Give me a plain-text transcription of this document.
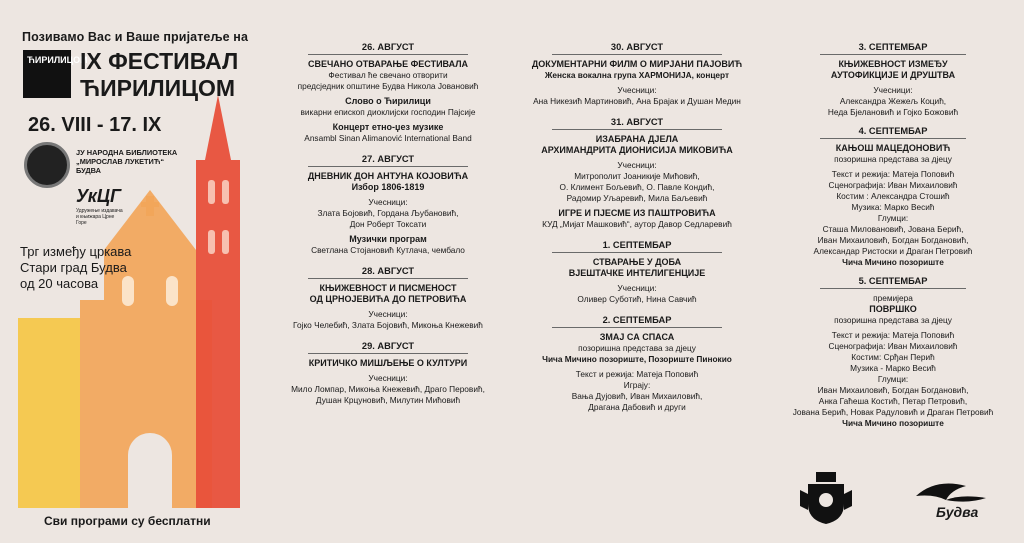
Позивамо Вас и Ваше пријатеље на
ЋИРИЛИЦОМ
IX ФЕСТИВАЛ
ЋИРИЛИЦОМ
26. VIII - 17. IX
ЈУ НАРОДНА БИБЛИОТЕКА
„МИРОСЛАВ ЛУКЕТИЋ“
БУДВА
УкЦГ
Удружење издавача и књижара Црне Горе
Трг између цркава
Стари град Будва
од 20 часова
Сви програми су бесплатни
26. АВГУСТ
СВЕЧАНО ОТВАРАЊЕ ФЕСТИВАЛА
Фестивал ће свечано отворити
предсједник општине Будва Никола Јовановић
Слово о Ћирилици
викарни епископ диоклијски господин Пајсије
Концерт етно-џез музике
Ansambl Sinan Alimanović International Band
27. АВГУСТ
ДНЕВНИК ДОН АНТУНА КОЈОВИЋА
Избор 1806-1819
Учесници:
Злата Бојовић, Гордана Љубановић,
Дон Роберт Токсати
Музички програм
Светлана Стојановић Кутлача, чембало
28. АВГУСТ
КЊИЖЕВНОСТ И ПИСМЕНОСТ
ОД ЦРНОЈЕВИЋА ДО ПЕТРОВИЋА
Учесници:
Гојко Челебић, Злата Бојовић, Микоња Кнежевић
29. АВГУСТ
КРИТИЧКО МИШЉЕЊЕ О КУЛТУРИ
Учесници:
Мило Ломпар, Микоња Кнежевић, Драго Перовић,
Душан Крцуновић, Милутин Мићовић
30. АВГУСТ
ДОКУМЕНТАРНИ ФИЛМ О МИРЈАНИ ПАЈОВИЋ
Женска вокална група ХАРМОНИЈА, концерт
Учесници:
Ана Никезић Мартиновић, Ана Брајак и Душан Медин
31. АВГУСТ
ИЗАБРАНА ДЈЕЛА
АРХИМАНДРИТА ДИОНИСИЈА МИКОВИЋА
Учесници:
Митрополит Јоаникије Мићовић,
О. Климент Бољевић, О. Павле Кондић,
Радомир Уљаревић, Мила Баљевић
ИГРЕ И ПЈЕСМЕ ИЗ ПАШТРОВИЋА
КУД „Мијат Машковић“, аутор Давор Седларевић
1. СЕПТЕМБАР
СТВАРАЊЕ У ДОБА
ВЈЕШТАЧКЕ ИНТЕЛИГЕНЦИЈЕ
Учесници:
Оливер Суботић, Нина Савчић
2. СЕПТЕМБАР
ЗМАЈ СА СПАСА
позоришна представа за дјецу
Чича Мичино позориште, Позориште Пинокио
Текст и режија: Матеја Поповић
Играју:
Вања Дујовић, Иван Михаиловић,
Драгана Дабовић и други
3. СЕПТЕМБАР
КЊИЖЕВНОСТ ИЗМЕЂУ
АУТОФИКЦИЈЕ И ДРУШТВА
Учесници:
Александра Жежељ Коцић,
Неда Бјелановић и Гојко Божовић
4. СЕПТЕМБАР
КАЊОШ МАЦЕДОНОВИЋ
позоришна представа за дјецу
Текст и режија: Матеја Поповић
Сценографија: Иван Михаиловић
Костим : Александра Стошић
Музика: Марко Весић
Глумци:
Сташа Миловановић, Јована Берић,
Иван Михаиловић, Богдан Богдановић,
Александар Ристоски и Драган Петровић
Чича Мичино позориште
5. СЕПТЕМБАР
премијера
ПОВРШКО
позоришна представа за дјецу
Текст и режија: Матеја Поповић
Сценографија: Иван Михаиловић
Костим: Срђан Перић
Музика - Марко Весић
Глумци:
Иван Михаиловић, Богдан Богдановић,
Анка Гаћеша Костић, Петар Петровић,
Јована Берић, Новак Радуловић и Драган Петровић
Чича Мичино позориште
Будва
